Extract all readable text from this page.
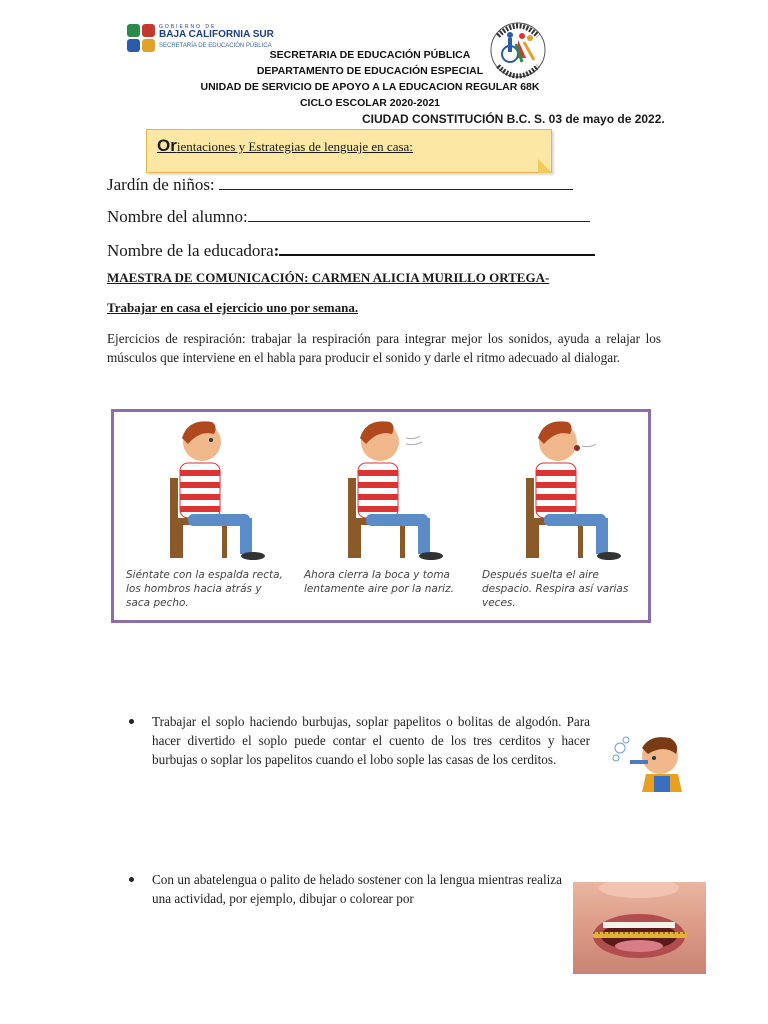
GOBIERNO DE
BAJA CALIFORNIA SUR
SECRETARÍA DE EDUCACIÓN PÚBLICA
SECRETARIA DE EDUCACIÓN PÚBLICA
DEPARTAMENTO DE EDUCACIÓN ESPECIAL
UNIDAD DE SERVICIO DE APOYO A LA EDUCACION REGULAR 68K
CICLO ESCOLAR 2020-2021
CIUDAD CONSTITUCIÓN B.C. S. 03 de mayo de 2022.
Orientaciones y Estrategias de lenguaje en casa:
Jardín de niños:
Nombre del alumno:
Nombre de la educadora:
MAESTRA DE COMUNICACIÓN: CARMEN ALICIA MURILLO ORTEGA-
Trabajar en casa el ejercicio uno por semana.
Ejercicios de respiración: trabajar la respiración para integrar mejor los sonidos, ayuda a relajar los músculos que interviene en el habla para producir el sonido y darle el ritmo adecuado al dialogar.
Siéntate con la espalda recta, los hombros hacia atrás y saca pecho.
Ahora cierra la boca y toma lentamente aire por la nariz.
Después suelta el aire despacio. Respira así varias veces.
Trabajar el soplo haciendo burbujas, soplar papelitos o bolitas de algodón. Para hacer divertido el soplo puede contar el cuento de los tres cerditos y hacer burbujas o soplar los papelitos cuando el lobo sople las casas de los cerditos.
Con un abatelengua o palito de helado sostener con la lengua mientras realiza una actividad, por ejemplo, dibujar o colorear por
